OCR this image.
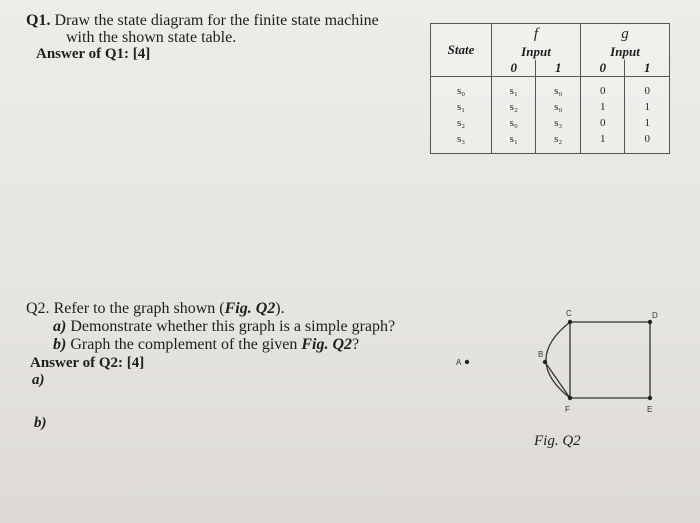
Q1. Draw the state diagram for the finite state machine
with the shown state table.
Answer of Q1: [4]	State	f		g	
	Input		Input	
	0	1	0	1
s₀	s₁	s₀	0	0
s₁	s₂	s₀	1	1
s₂	s₀	s₃	0	1
s₃	s₁	s₂	1	0
Q2. Refer to the graph shown (Fig. Q2).
a) Demonstrate whether this graph is a simple graph?
b) Graph the complement of the given Fig. Q2?
Answer of Q2: [4]
a)
b)
A
B
C	D
E
F
Fig. Q2
